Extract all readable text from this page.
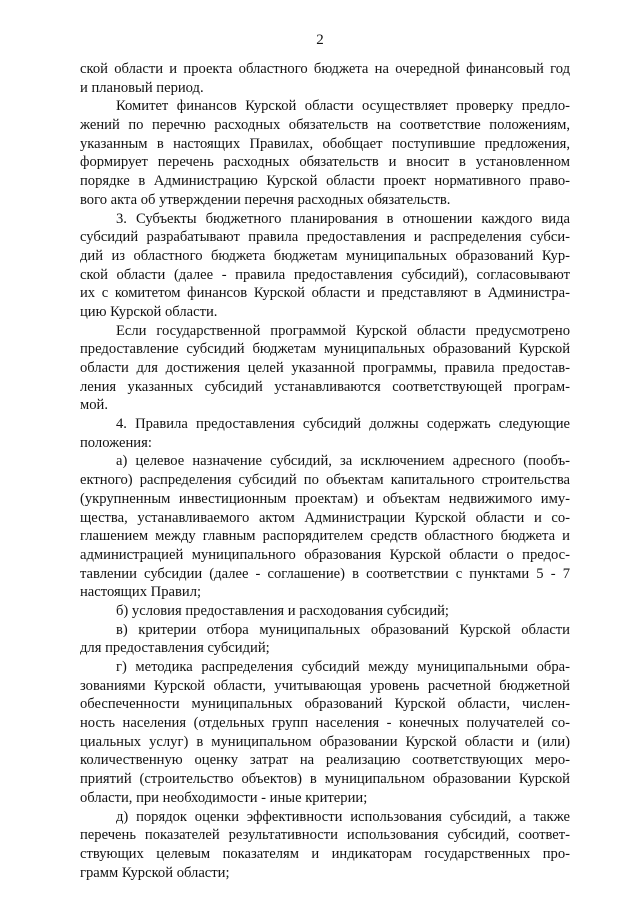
2
ской области и проекта областного бюджета на очередной финансовый год
и плановый период.
Комитет финансов Курской области осуществляет проверку предло-
жений по перечню расходных обязательств на соответствие положениям,
указанным в настоящих Правилах, обобщает поступившие предложения,
формирует перечень расходных обязательств и вносит в установленном
порядке в Администрацию Курской области проект нормативного право-
вого акта об утверждении перечня расходных обязательств.
3. Субъекты бюджетного планирования в отношении каждого вида
субсидий разрабатывают правила предоставления и распределения субси-
дий из областного бюджета бюджетам муниципальных образований Кур-
ской области (далее - правила предоставления субсидий), согласовывают
их с комитетом финансов Курской области и представляют в Администра-
цию Курской области.
Если государственной программой Курской области предусмотрено
предоставление субсидий бюджетам муниципальных образований Курской
области для достижения целей указанной программы, правила предостав-
ления указанных субсидий устанавливаются соответствующей програм-
мой.
4. Правила предоставления субсидий должны содержать следующие
положения:
а) целевое назначение субсидий, за исключением адресного (пообъ-
ектного) распределения субсидий по объектам капитального строительства
(укрупненным инвестиционным проектам) и объектам недвижимого иму-
щества, устанавливаемого актом Администрации Курской области и со-
глашением между главным распорядителем средств областного бюджета и
администрацией муниципального образования Курской области о предос-
тавлении субсидии (далее - соглашение) в соответствии с пунктами 5 - 7
настоящих Правил;
б) условия предоставления и расходования субсидий;
в) критерии отбора муниципальных образований Курской области
для предоставления субсидий;
г) методика распределения субсидий между муниципальными обра-
зованиями Курской области, учитывающая уровень расчетной бюджетной
обеспеченности муниципальных образований Курской области, числен-
ность населения (отдельных групп населения - конечных получателей со-
циальных услуг) в муниципальном образовании Курской области и (или)
количественную оценку затрат на реализацию соответствующих меро-
приятий (строительство объектов) в муниципальном образовании Курской
области, при необходимости - иные критерии;
д) порядок оценки эффективности использования субсидий, а также
перечень показателей результативности использования субсидий, соответ-
ствующих целевым показателям и индикаторам государственных про-
грамм Курской области;
